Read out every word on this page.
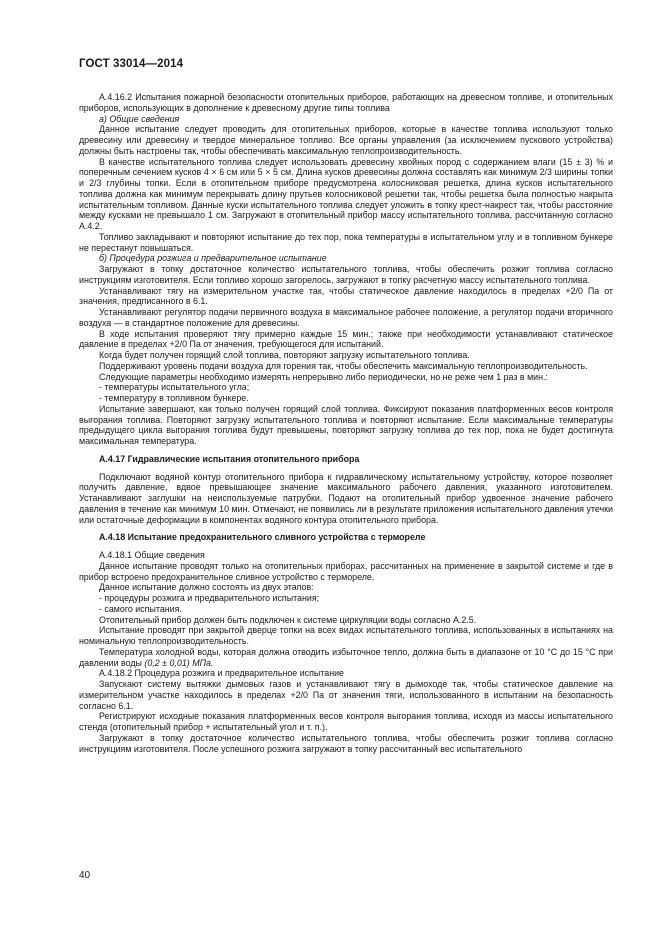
ГОСТ 33014—2014

А.4.16.2 Испытания пожарной безопасности отопительных приборов, работающих на древесном топливе, и отопительных приборов, использующих в дополнение к древесному другие типы топлива

а) Общие сведения

Данное испытание следует проводить для отопительных приборов, которые в качестве топлива используют только древесину или древесину и твердое минеральное топливо. Все органы управления (за исключением пускового устройства) должны быть настроены так, чтобы обеспечивать максимальную теплопроизводительность.

В качестве испытательного топлива следует использовать древесину хвойных пород с содержанием влаги (15 ± 3) % и поперечным сечением кусков 4 × 6 см или 5 × 5 см. Длина кусков древесины должна составлять как минимум 2/3 ширины топки и 2/3 глубины топки. Если в отопительном приборе предусмотрена колосниковая решетка, длина кусков испытательного топлива должна как минимум перекрывать длину прутьев колосниковой решетки так, чтобы решетка была полностью накрыта испытательным топливом. Данные куски испытательного топлива следует уложить в топку крест-накрест так, чтобы расстояние между кусками не превышало 1 см. Загружают в отопительный прибор массу испытательного топлива, рассчитанную согласно А.4.2.

Топливо закладывают и повторяют испытание до тех пор, пока температуры в испытательном углу и в топливном бункере не перестанут повышаться.

б) Процедура розжига и предварительное испытание

Загружают в топку достаточное количество испытательного топлива, чтобы обеспечить розжиг топлива согласно инструкциям изготовителя. Если топливо хорошо загорелось, загружают в топку расчетную массу испытательного топлива.

Устанавливают тягу на измерительном участке так, чтобы статическое давление находилось в пределах +2/0 Па от значения, предписанного в 6.1.

Устанавливают регулятор подачи первичного воздуха в максимальное рабочее положение, а регулятор подачи вторичного воздуха — в стандартное положение для древесины.

В ходе испытания проверяют тягу примерно каждые 15 мин.; также при необходимости устанавливают статическое давление в пределах +2/0 Па от значения, требующегося для испытаний.

Когда будет получен горящий слой топлива, повторяют загрузку испытательного топлива.

Поддерживают уровень подачи воздуха для горения так, чтобы обеспечить максимальную теплопроизводительность.

Следующие параметры необходимо измерять непрерывно либо периодически, но не реже чем 1 раз в мин.:

- температуры испытательного угла;

- температуру в топливном бункере.

Испытание завершают, как только получен горящий слой топлива. Фиксируют показания платформенных весов контроля выгорания топлива. Повторяют загрузку испытательного топлива и повторяют испытание. Если максимальные температуры предыдущего цикла выгорания топлива будут превышены, повторяют загрузку топлива до тех пор, пока не будет достигнута максимальная температура.

А.4.17 Гидравлические испытания отопительного прибора

Подключают водяной контур отопительного прибора к гидравлическому испытательному устройству, которое позволяет получить давление, вдвое превышающее значение максимального рабочего давления, указанного изготовителем. Устанавливают заглушки на неиспользуемые патрубки. Подают на отопительный прибор удвоенное значение рабочего давления в течение как минимум 10 мин. Отмечают, не появились ли в результате приложения испытательного давления утечки или остаточные деформации в компонентах водяного контура отопительного прибора.

А.4.18 Испытание предохранительного сливного устройства с термореле

А.4.18.1 Общие сведения

Данное испытание проводят только на отопительных приборах, рассчитанных на применение в закрытой системе и где в прибор встроено предохранительное сливное устройство с термореле.

Данное испытание должно состоять из двух этапов:

- процедуры розжига и предварительного испытания;

- самого испытания.

Отопительный прибор должен быть подключен к системе циркуляции воды согласно А.2.5.

Испытание проводят при закрытой дверце топки на всех видах испытательного топлива, использованных в испытаниях на номинальную теплопроизводительность.

Температура холодной воды, которая должна отводить избыточное тепло, должна быть в диапазоне от 10 °С до 15 °С при давлении воды (0,2 ± 0,01) МПа.

А.4.18.2 Процедура розжига и предварительное испытание

Запускают систему вытяжки дымовых газов и устанавливают тягу в дымоходе так, чтобы статическое давление на измерительном участке находилось в пределах +2/0 Па от значения тяги, использованного в испытании на безопасность согласно 6.1.

Регистрируют исходные показания платформенных весов контроля выгорания топлива, исходя из массы испытательного стенда (отопительный прибор + испытательный угол и т. п.).

Загружают в топку достаточное количество испытательного топлива, чтобы обеспечить розжиг топлива согласно инструкциям изготовителя. После успешного розжига загружают в топку рассчитанный вес испытательного

40
